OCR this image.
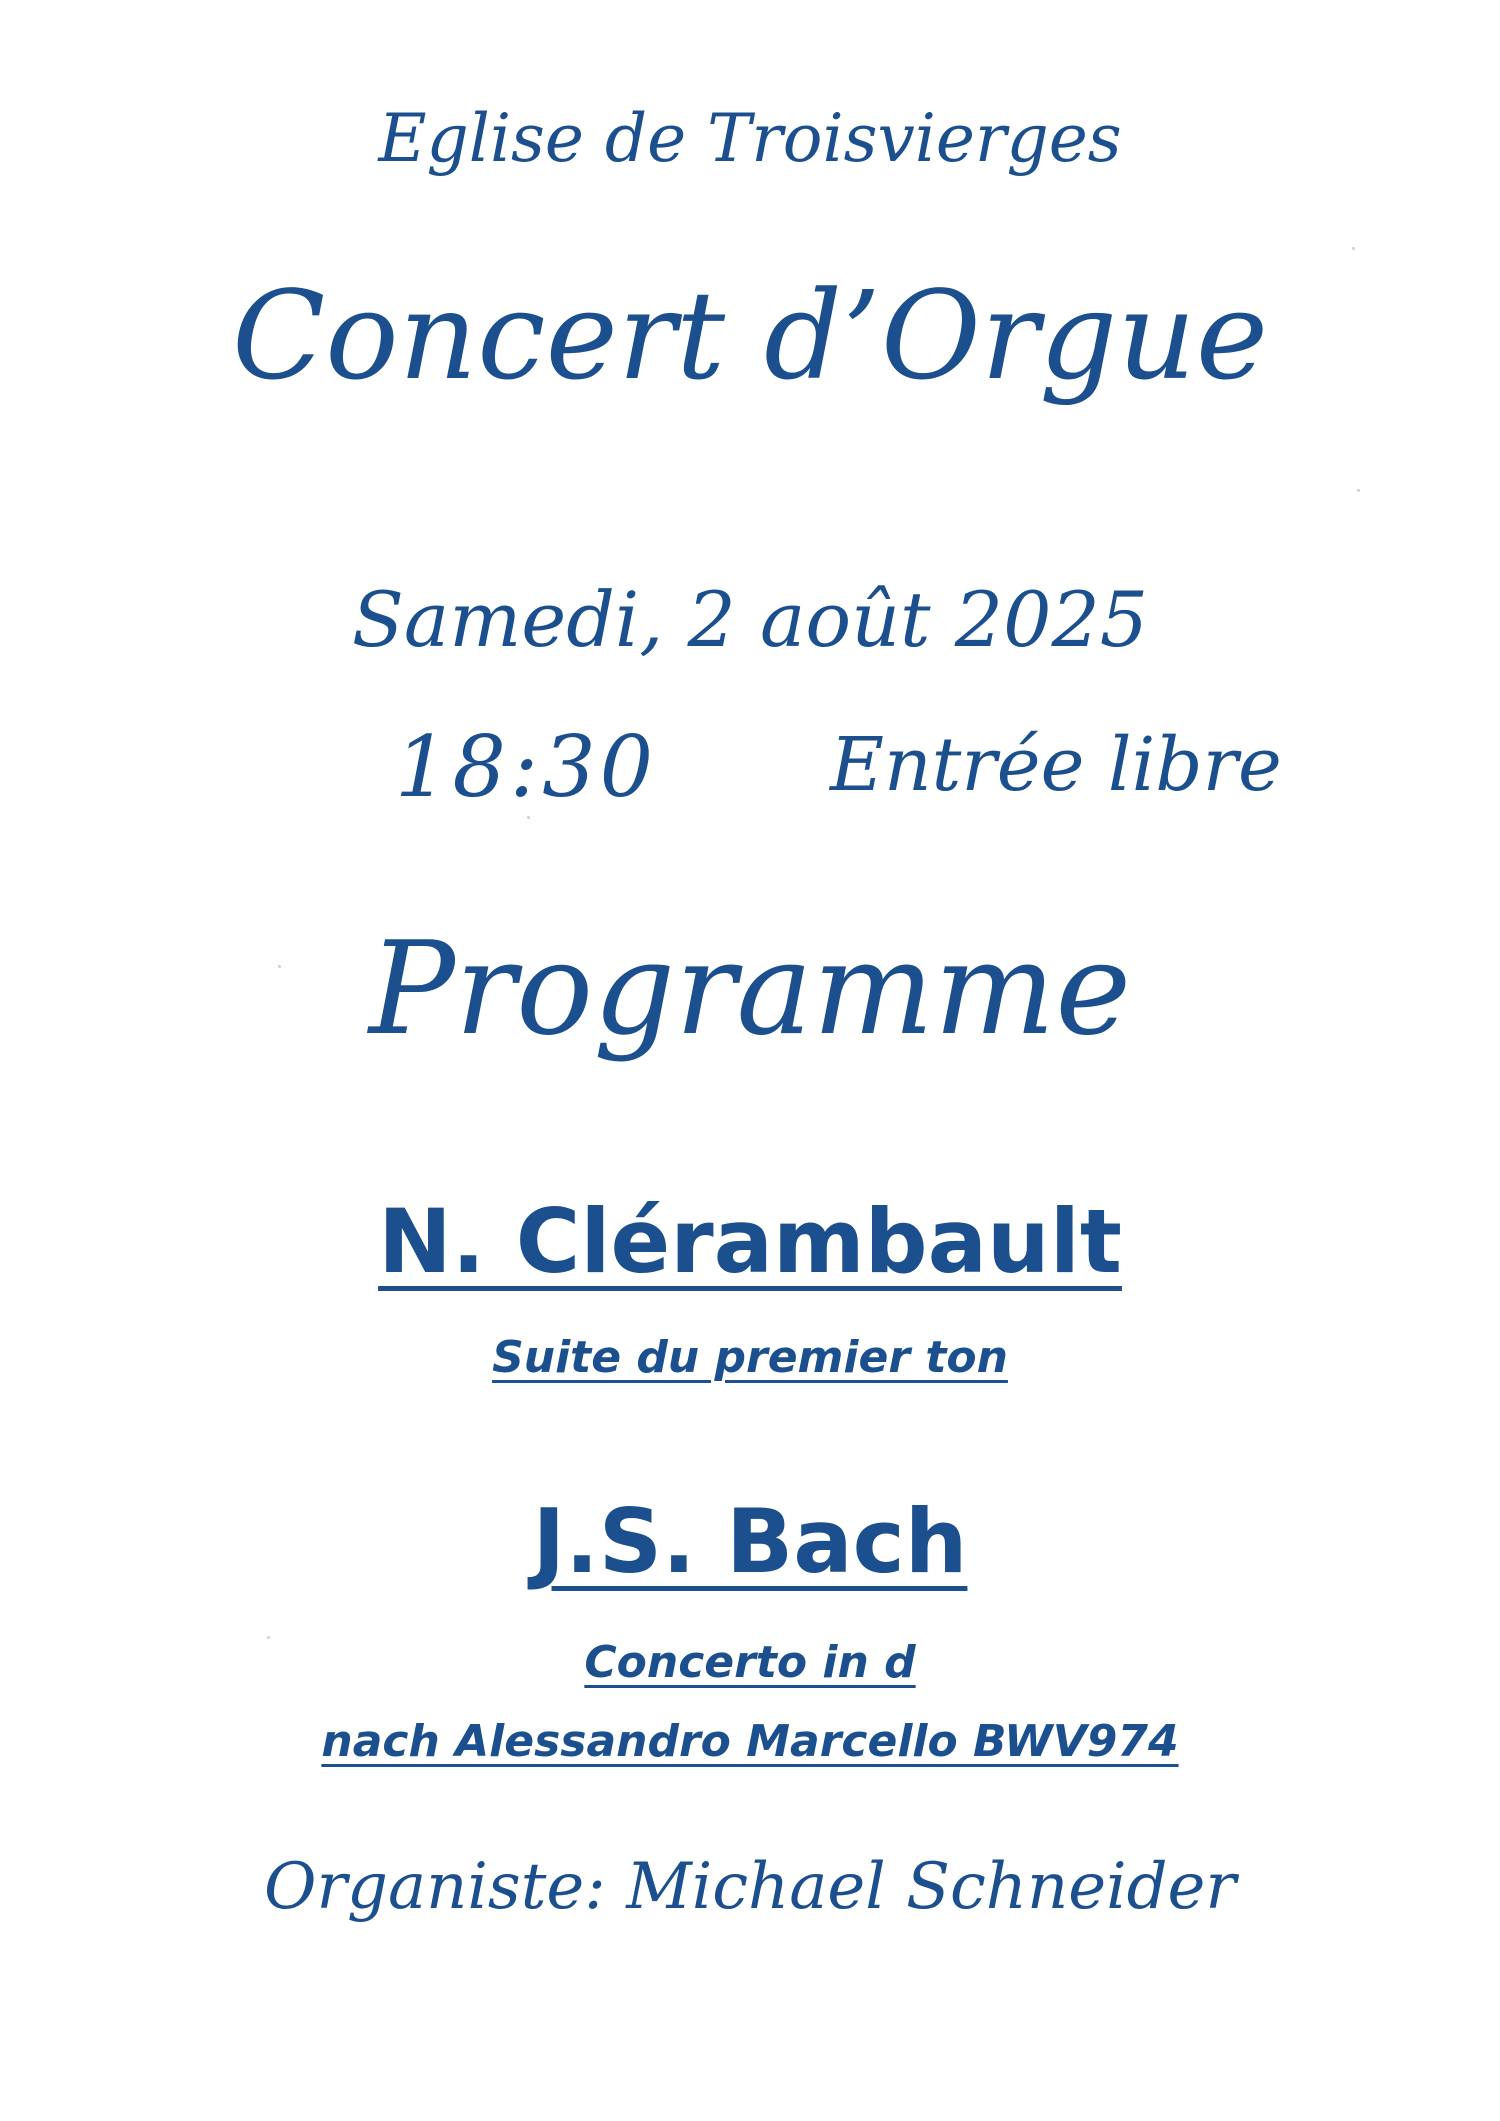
Eglise de Troisvierges
Concert d’Orgue
Samedi, 2 août 2025
18:30 Entrée libre
Programme
N. Clérambault
Suite du premier ton
J.S. Bach
Concerto in d
nach Alessandro Marcello BWV974
Organiste: Michael Schneider
